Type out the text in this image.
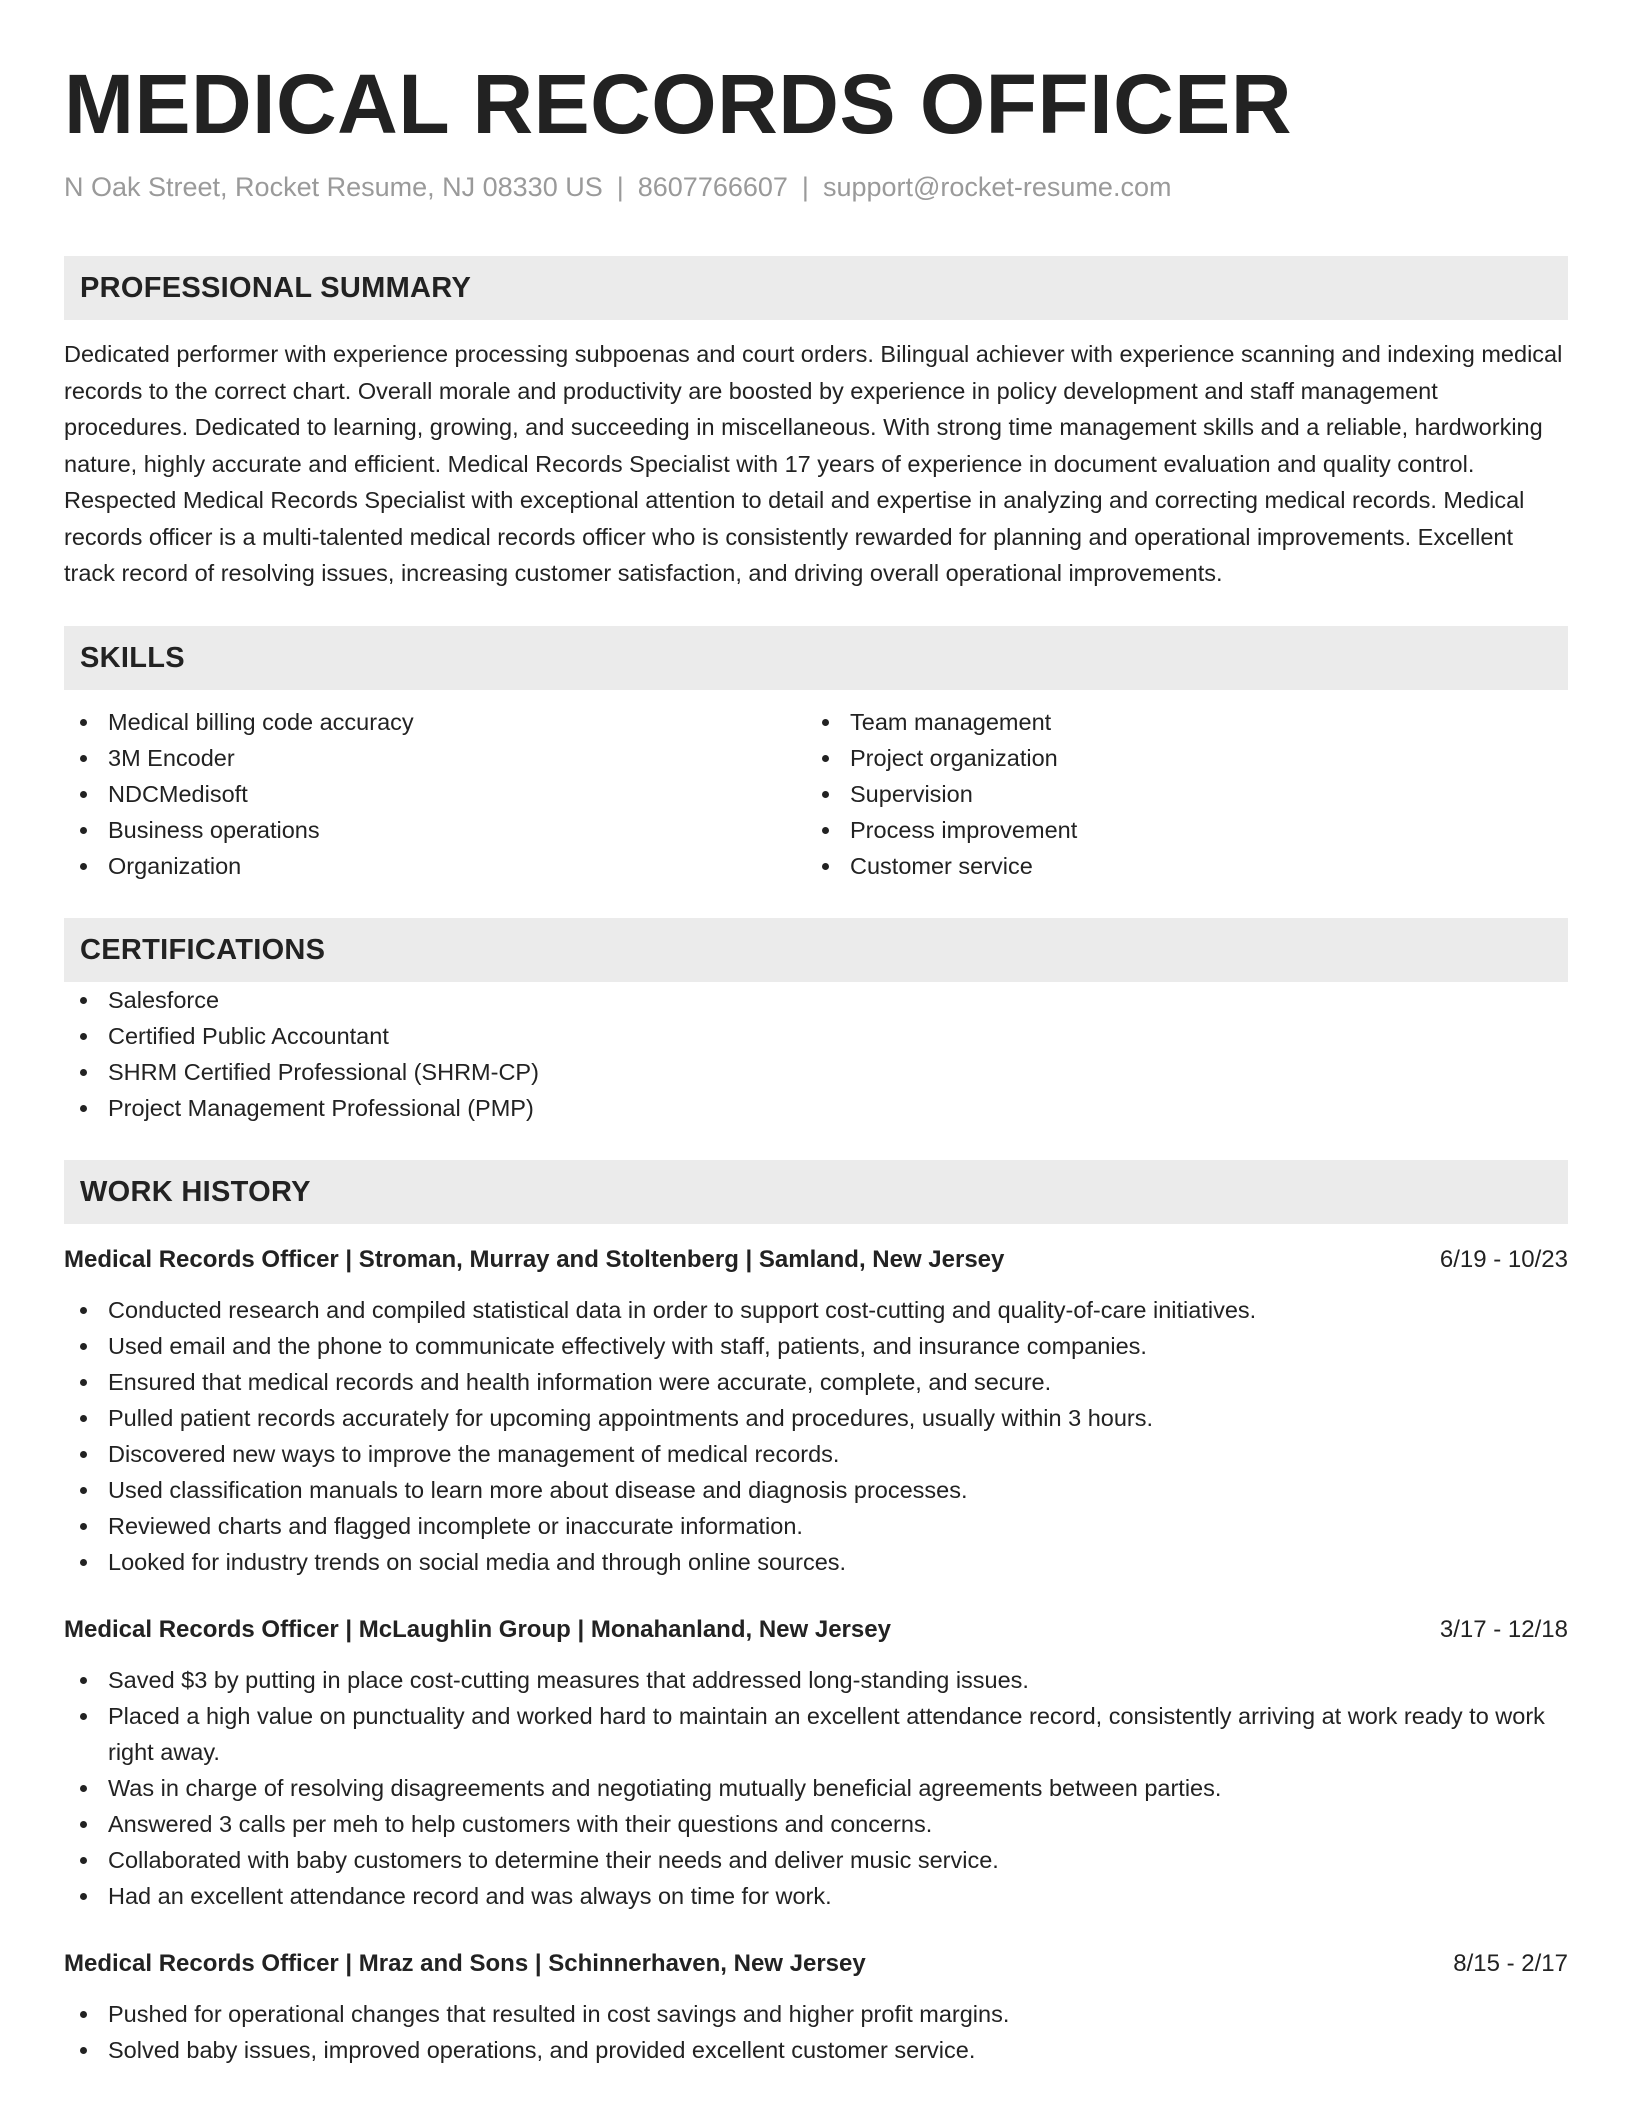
MEDICAL RECORDS OFFICER
N Oak Street, Rocket Resume, NJ 08330 US | 8607766607 | support@rocket-resume.com
PROFESSIONAL SUMMARY
Dedicated performer with experience processing subpoenas and court orders. Bilingual achiever with experience scanning and indexing medical records to the correct chart. Overall morale and productivity are boosted by experience in policy development and staff management procedures. Dedicated to learning, growing, and succeeding in miscellaneous. With strong time management skills and a reliable, hardworking nature, highly accurate and efficient. Medical Records Specialist with 17 years of experience in document evaluation and quality control. Respected Medical Records Specialist with exceptional attention to detail and expertise in analyzing and correcting medical records. Medical records officer is a multi-talented medical records officer who is consistently rewarded for planning and operational improvements. Excellent track record of resolving issues, increasing customer satisfaction, and driving overall operational improvements.
SKILLS
Medical billing code accuracy
3M Encoder
NDCMedisoft
Business operations
Organization
Team management
Project organization
Supervision
Process improvement
Customer service
CERTIFICATIONS
Salesforce
Certified Public Accountant
SHRM Certified Professional (SHRM-CP)
Project Management Professional (PMP)
WORK HISTORY
Medical Records Officer | Stroman, Murray and Stoltenberg | Samland, New Jersey	6/19 - 10/23
Conducted research and compiled statistical data in order to support cost-cutting and quality-of-care initiatives.
Used email and the phone to communicate effectively with staff, patients, and insurance companies.
Ensured that medical records and health information were accurate, complete, and secure.
Pulled patient records accurately for upcoming appointments and procedures, usually within 3 hours.
Discovered new ways to improve the management of medical records.
Used classification manuals to learn more about disease and diagnosis processes.
Reviewed charts and flagged incomplete or inaccurate information.
Looked for industry trends on social media and through online sources.
Medical Records Officer | McLaughlin Group | Monahanland, New Jersey	3/17 - 12/18
Saved $3 by putting in place cost-cutting measures that addressed long-standing issues.
Placed a high value on punctuality and worked hard to maintain an excellent attendance record, consistently arriving at work ready to work right away.
Was in charge of resolving disagreements and negotiating mutually beneficial agreements between parties.
Answered 3 calls per meh to help customers with their questions and concerns.
Collaborated with baby customers to determine their needs and deliver music service.
Had an excellent attendance record and was always on time for work.
Medical Records Officer | Mraz and Sons | Schinnerhaven, New Jersey	8/15 - 2/17
Pushed for operational changes that resulted in cost savings and higher profit margins.
Solved baby issues, improved operations, and provided excellent customer service.
